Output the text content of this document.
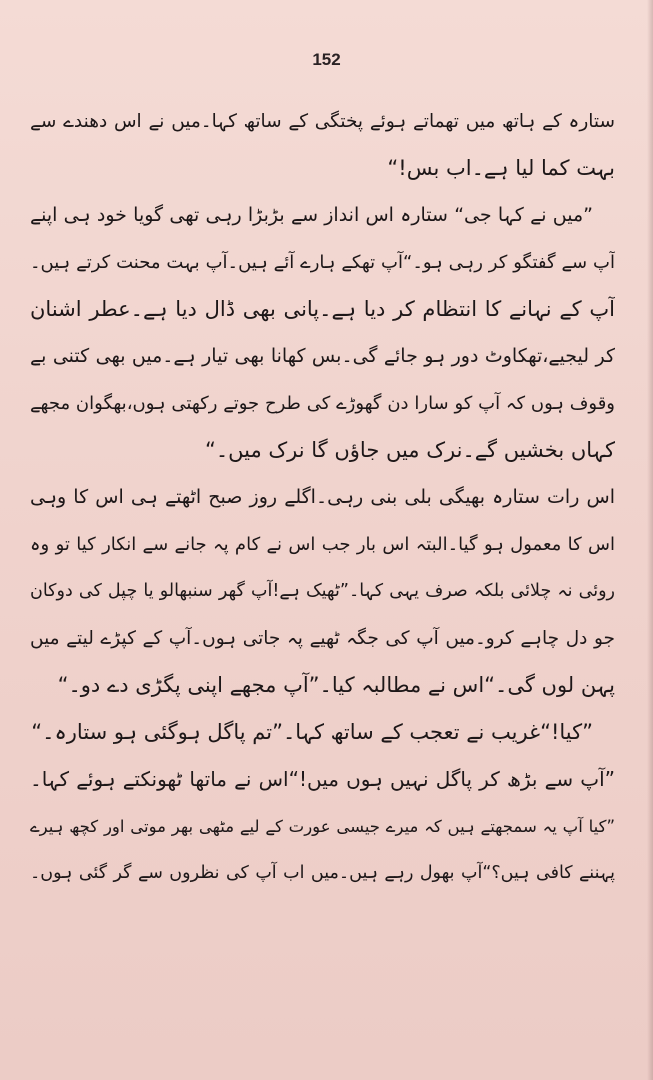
152
ستارہ کے ہاتھ میں تھماتے ہوئے پختگی کے ساتھ کہا۔میں نے اس دھندے سے
بہت کما لیا ہے۔اب بس!“
”میں نے کہا جی“ ستارہ اس انداز سے بڑبڑا رہی تھی گویا خود ہی اپنے
آپ سے گفتگو کر رہی ہو۔“آپ تھکے ہارے آئے ہیں۔آپ بہت محنت کرتے ہیں۔
آپ کے نہانے کا انتظام کر دیا ہے۔پانی بھی ڈال دیا ہے۔عطر اشنان
کر لیجیے،تھکاوٹ دور ہو جائے گی۔بس کھانا بھی تیار ہے۔میں بھی کتنی بے
وقوف ہوں کہ آپ کو سارا دن گھوڑے کی طرح جوتے رکھتی ہوں،بھگوان مجھے
کہاں بخشیں گے۔نرک میں جاؤں گا نرک میں۔“
اس رات ستارہ بھیگی بلی بنی رہی۔اگلے روز صبح اٹھتے ہی اس کا وہی
اس کا معمول ہو گیا۔البتہ اس بار جب اس نے کام پہ جانے سے انکار کیا تو وہ
روئی نہ چلائی بلکہ صرف یہی کہا۔”ٹھیک ہے!آپ گھر سنبھالو یا چپل کی دوکان
جو دل چاہے کرو۔میں آپ کی جگہ ٹھیے پہ جاتی ہوں۔آپ کے کپڑے لیتے میں
پہن لوں گی۔“اس نے مطالبہ کیا۔”آپ مجھے اپنی پگڑی دے دو۔“
”کیا!“غریب نے تعجب کے ساتھ کہا۔”تم پاگل ہوگئی ہو ستارہ۔“
”آپ سے بڑھ کر پاگل نہیں ہوں میں!“اس نے ماتھا ٹھونکتے ہوئے کہا۔
”کیا آپ یہ سمجھتے ہیں کہ میرے جیسی عورت کے لیے مٹھی بھر موتی اور کچھ ہیرے
پہننے کافی ہیں؟“آپ بھول رہے ہیں۔میں اب آپ کی نظروں سے گر گئی ہوں۔
